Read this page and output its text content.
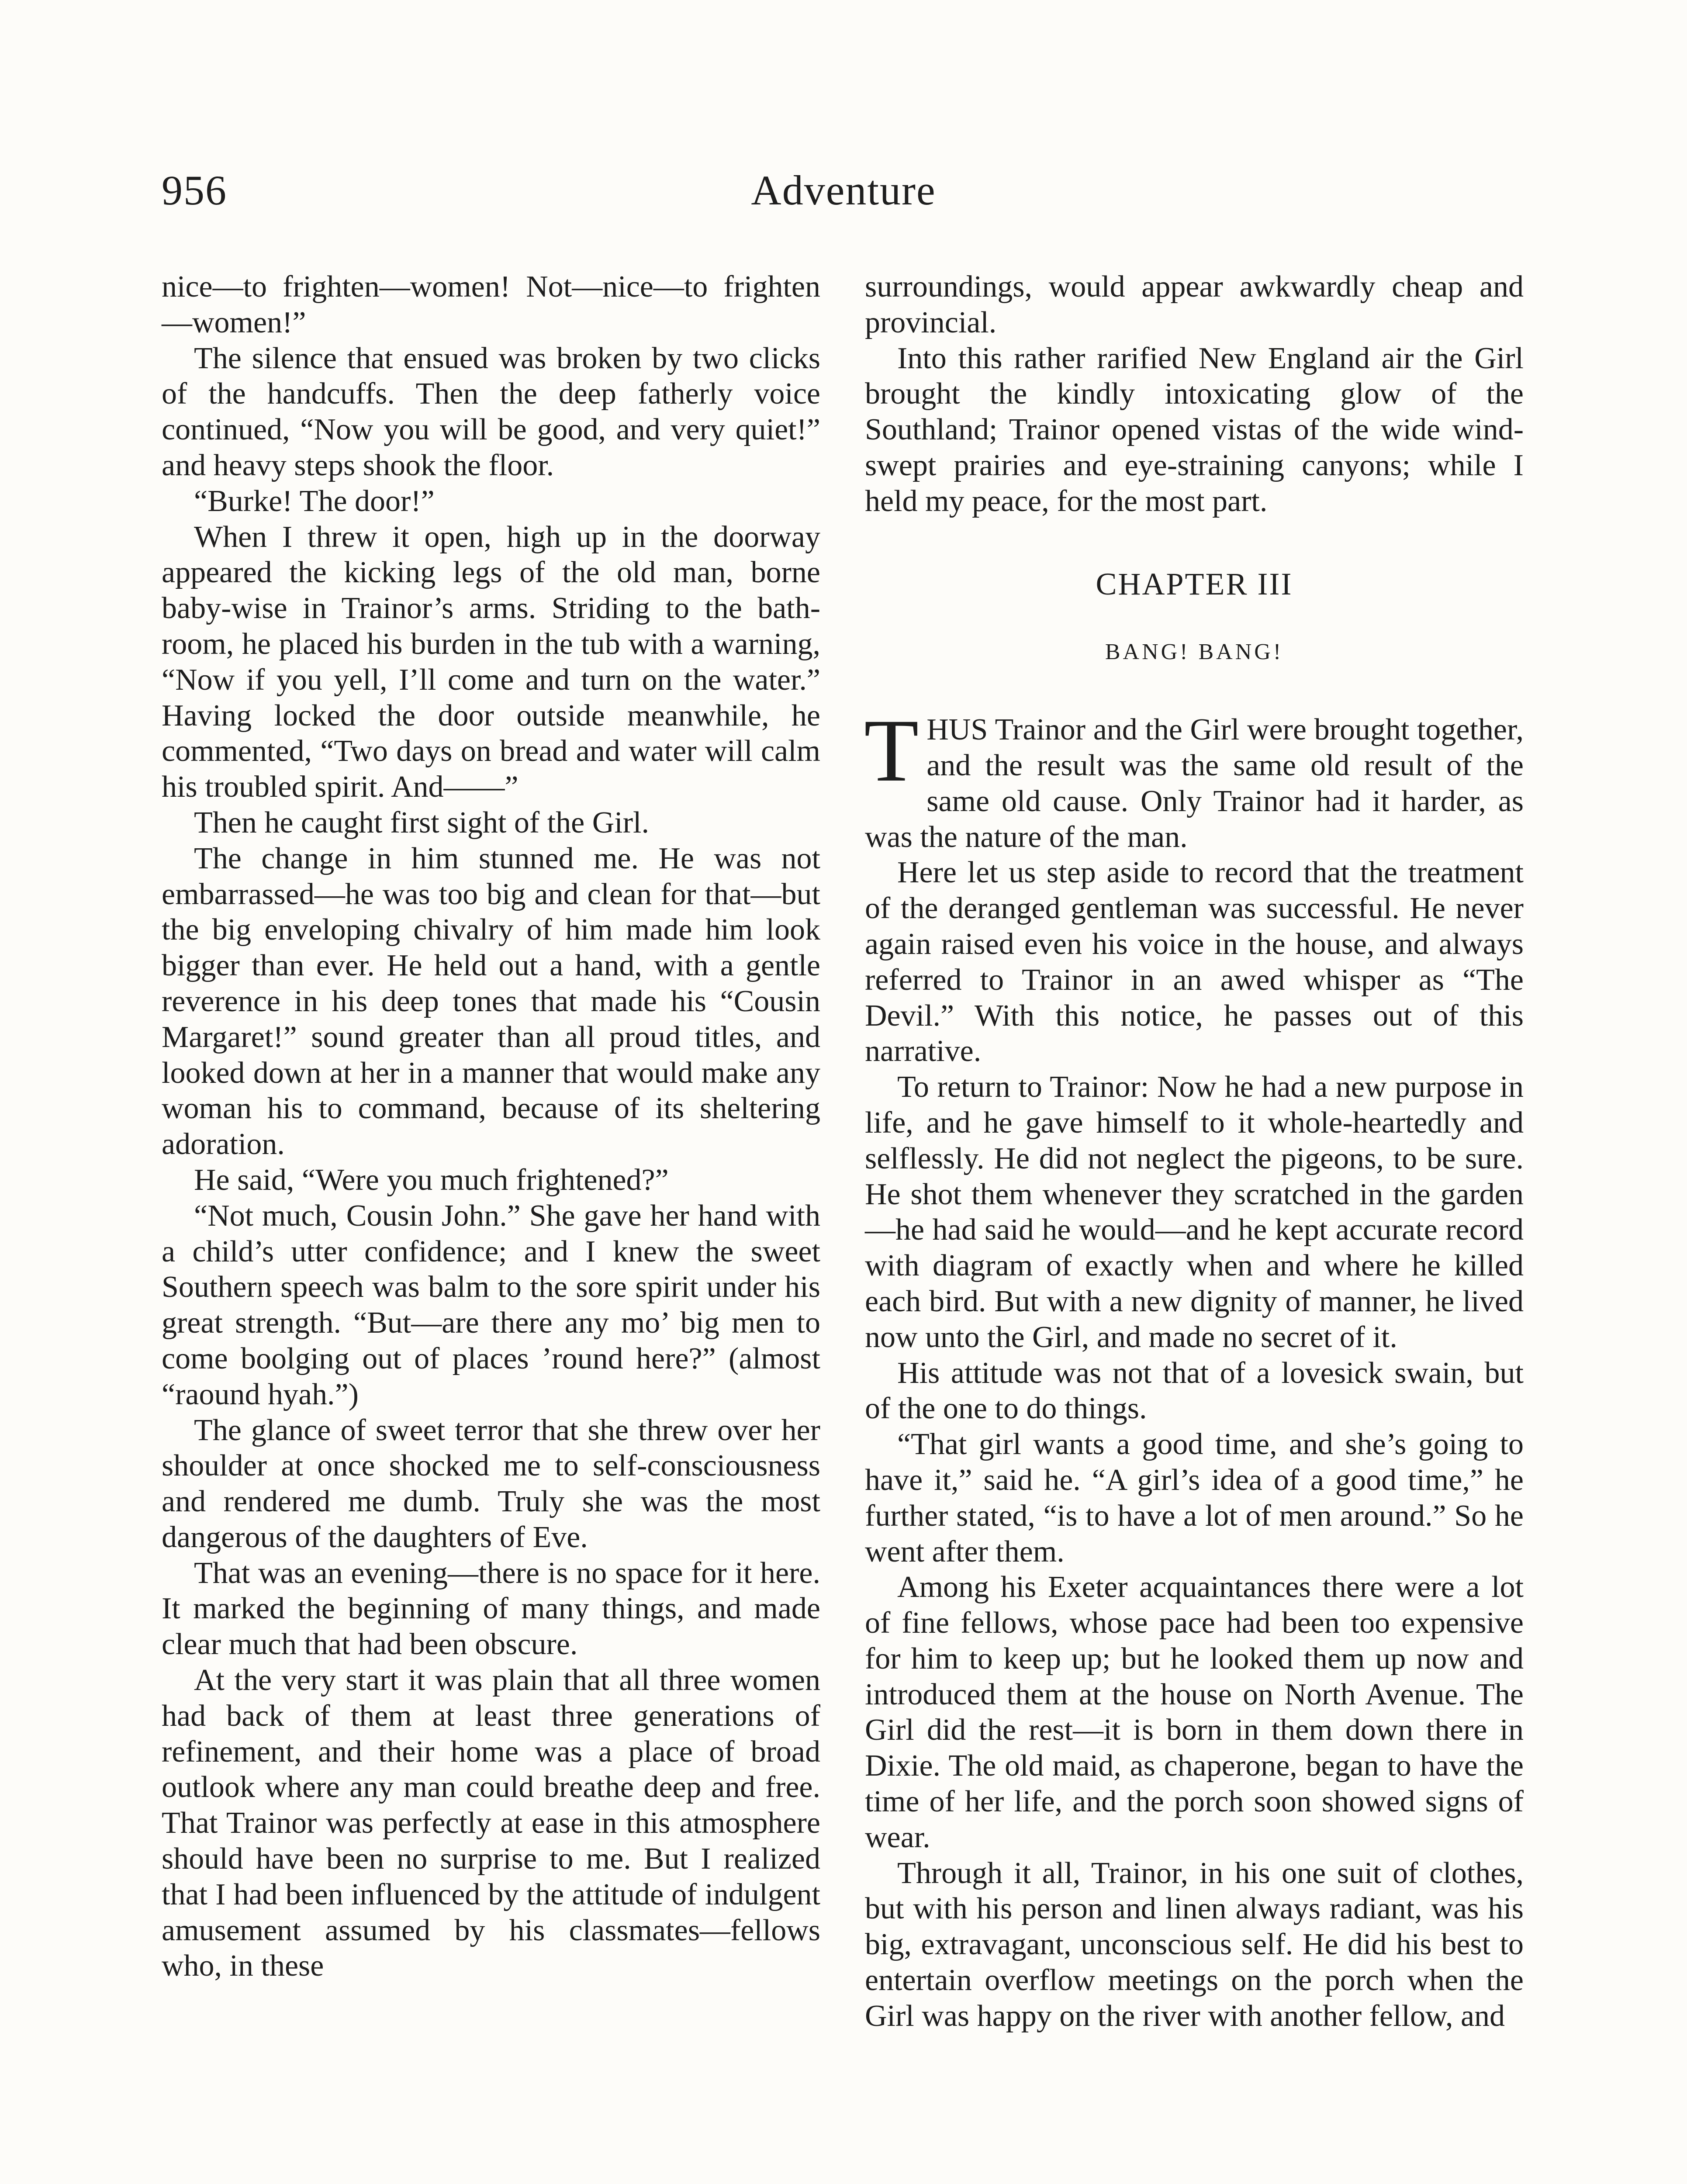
956	Adventure

nice—to frighten—women! Not—nice—to frighten—women!”

The silence that ensued was broken by two clicks of the handcuffs. Then the deep fatherly voice continued, “Now you will be good, and very quiet!” and heavy steps shook the floor.

“Burke! The door!”

When I threw it open, high up in the doorway appeared the kicking legs of the old man, borne baby-wise in Trainor’s arms. Striding to the bath-room, he placed his burden in the tub with a warning, “Now if you yell, I’ll come and turn on the water.” Having locked the door outside meanwhile, he commented, “Two days on bread and water will calm his troubled spirit. And——”

Then he caught first sight of the Girl.

The change in him stunned me. He was not embarrassed—he was too big and clean for that—but the big enveloping chivalry of him made him look bigger than ever. He held out a hand, with a gentle reverence in his deep tones that made his “Cousin Margaret!” sound greater than all proud titles, and looked down at her in a manner that would make any woman his to command, because of its sheltering adoration.

He said, “Were you much frightened?”

“Not much, Cousin John.” She gave her hand with a child’s utter confidence; and I knew the sweet Southern speech was balm to the sore spirit under his great strength. “But—are there any mo’ big men to come boolging out of places ’round here?” (almost “raound hyah.”)

The glance of sweet terror that she threw over her shoulder at once shocked me to self-consciousness and rendered me dumb. Truly she was the most dangerous of the daughters of Eve.

That was an evening—there is no space for it here. It marked the beginning of many things, and made clear much that had been obscure.

At the very start it was plain that all three women had back of them at least three generations of refinement, and their home was a place of broad outlook where any man could breathe deep and free. That Trainor was perfectly at ease in this atmosphere should have been no surprise to me. But I realized that I had been influenced by the attitude of indulgent amusement assumed by his classmates—fellows who, in these

surroundings, would appear awkwardly cheap and provincial.

Into this rather rarified New England air the Girl brought the kindly intoxicating glow of the Southland; Trainor opened vistas of the wide wind-swept prairies and eye-straining canyons; while I held my peace, for the most part.

CHAPTER III

BANG! BANG!

THUS Trainor and the Girl were brought together, and the result was the same old result of the same old cause. Only Trainor had it harder, as was the nature of the man.

Here let us step aside to record that the treatment of the deranged gentleman was successful. He never again raised even his voice in the house, and always referred to Trainor in an awed whisper as “The Devil.” With this notice, he passes out of this narrative.

To return to Trainor: Now he had a new purpose in life, and he gave himself to it whole-heartedly and selflessly. He did not neglect the pigeons, to be sure. He shot them whenever they scratched in the garden —he had said he would—and he kept accurate record with diagram of exactly when and where he killed each bird. But with a new dignity of manner, he lived now unto the Girl, and made no secret of it.

His attitude was not that of a lovesick swain, but of the one to do things.

“That girl wants a good time, and she’s going to have it,” said he. “A girl’s idea of a good time,” he further stated, “is to have a lot of men around.” So he went after them.

Among his Exeter acquaintances there were a lot of fine fellows, whose pace had been too expensive for him to keep up; but he looked them up now and introduced them at the house on North Avenue. The Girl did the rest—it is born in them down there in Dixie. The old maid, as chaperone, began to have the time of her life, and the porch soon showed signs of wear.

Through it all, Trainor, in his one suit of clothes, but with his person and linen always radiant, was his big, extravagant, unconscious self. He did his best to entertain overflow meetings on the porch when the Girl was happy on the river with another fellow, and
